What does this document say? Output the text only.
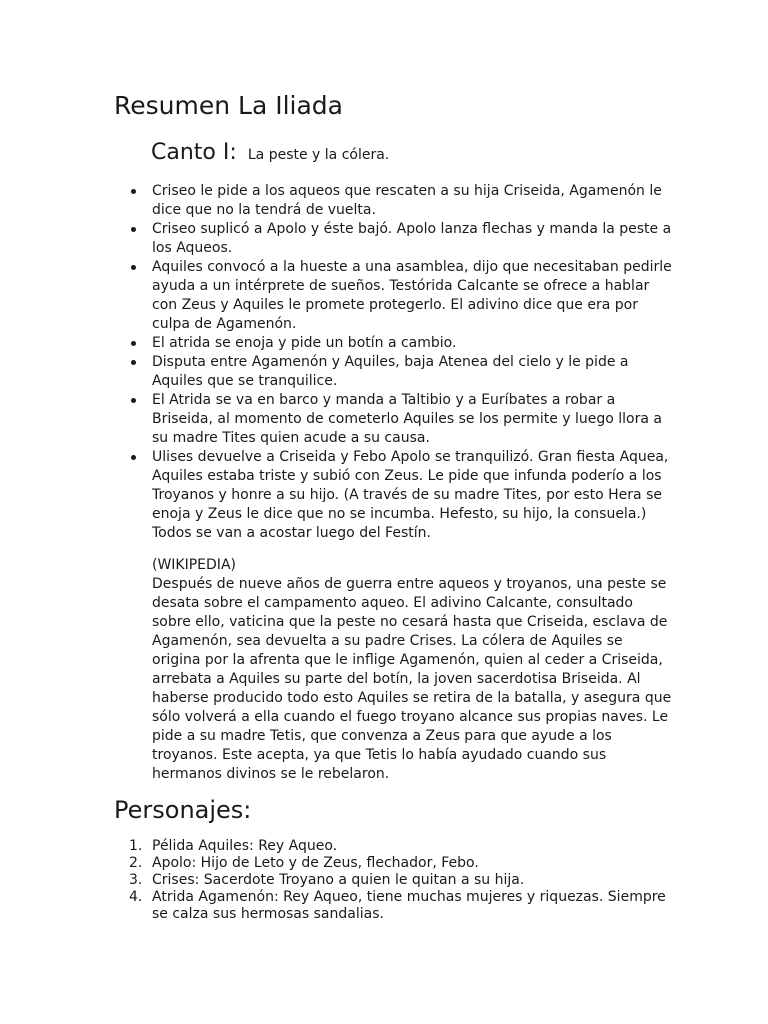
Resumen La Iliada
Canto I: La peste y la cólera.
Criseo le pide a los aqueos que rescaten a su hija Criseida, Agamenón le dice que no la tendrá de vuelta.
Criseo suplicó a Apolo y éste bajó. Apolo lanza flechas y manda la peste a los Aqueos.
Aquiles convocó a la hueste a una asamblea, dijo que necesitaban pedirle ayuda a un intérprete de sueños. Testórida Calcante se ofrece a hablar con Zeus y Aquiles le promete protegerlo. El adivino dice que era por culpa de Agamenón.
El atrida se enoja y pide un botín a cambio.
Disputa entre Agamenón y Aquiles, baja Atenea del cielo y le pide a Aquiles que se tranquilice.
El Atrida se va en barco y manda a Taltibio y a Euríbates a robar a Briseida, al momento de cometerlo Aquiles se los permite y luego llora a su madre Tites quien acude a su causa.
Ulises devuelve a Criseida y Febo Apolo se tranquilizó. Gran fiesta Aquea, Aquiles estaba triste y subió con Zeus. Le pide que infunda poderío a los Troyanos y honre a su hijo. (A través de su madre Tites, por esto Hera se enoja y Zeus le dice que no se incumba. Hefesto, su hijo, la consuela.) Todos se van a acostar luego del Festín.
(WIKIPEDIA)
Después de nueve años de guerra entre aqueos y troyanos, una peste se desata sobre el campamento aqueo. El adivino Calcante, consultado sobre ello, vaticina que la peste no cesará hasta que Criseida, esclava de Agamenón, sea devuelta a su padre Crises. La cólera de Aquiles se origina por la afrenta que le inflige Agamenón, quien al ceder a Criseida, arrebata a Aquiles su parte del botín, la joven sacerdotisa Briseida. Al haberse producido todo esto Aquiles se retira de la batalla, y asegura que sólo volverá a ella cuando el fuego troyano alcance sus propias naves. Le pide a su madre Tetis, que convenza a Zeus para que ayude a los troyanos. Este acepta, ya que Tetis lo había ayudado cuando sus hermanos divinos se le rebelaron.
Personajes:
1. Pélida Aquiles: Rey Aqueo.
2. Apolo: Hijo de Leto y de Zeus, flechador, Febo.
3. Crises: Sacerdote Troyano a quien le quitan a su hija.
4. Atrida Agamenón: Rey Aqueo, tiene muchas mujeres y riquezas. Siempre se calza sus hermosas sandalias.
